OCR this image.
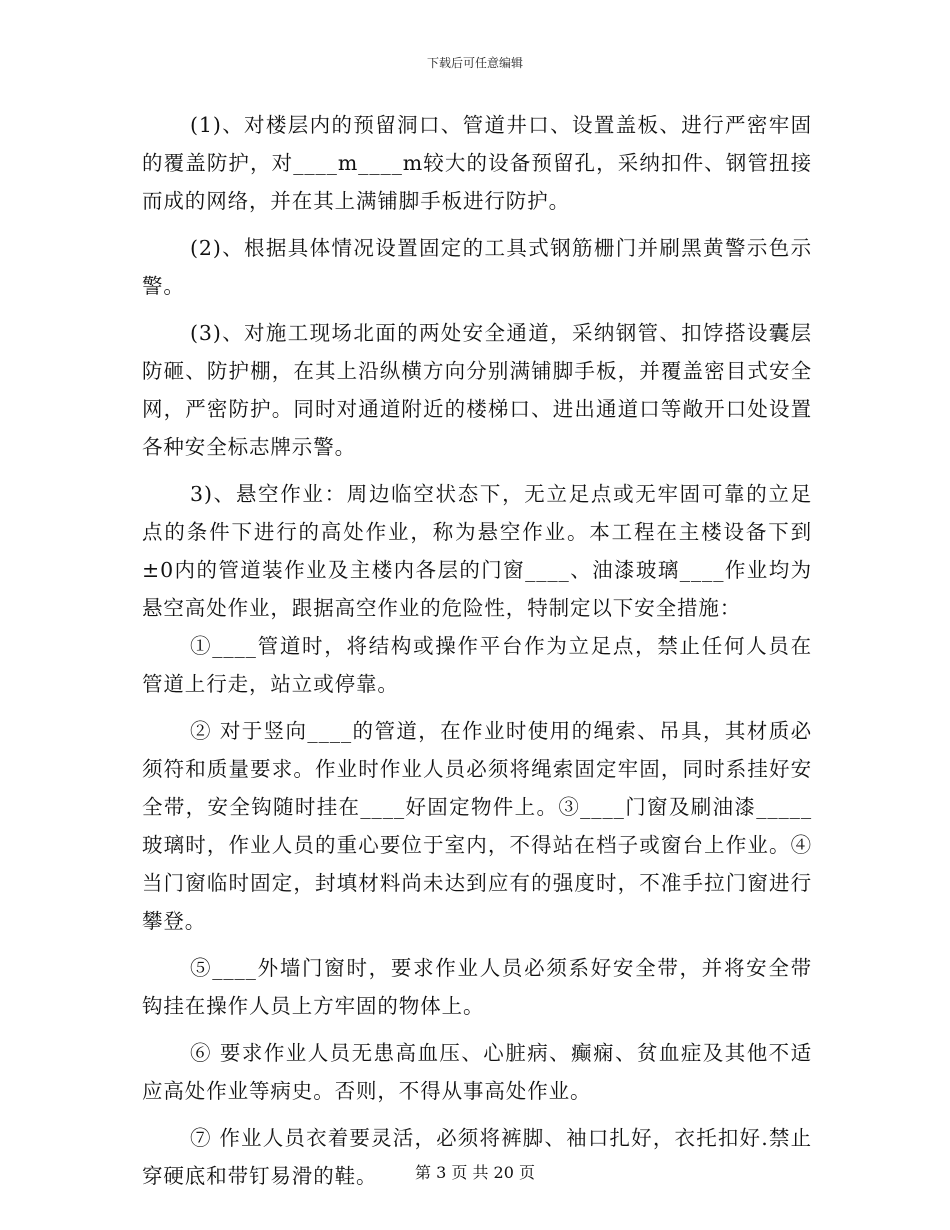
下载后可任意编辑

(1)、对楼层内的预留洞口、管道井口、设置盖板、进行严密牢固的覆盖防护，对____m____m较大的设备预留孔，采纳扣件、钢管扭接而成的网络，并在其上满铺脚手板进行防护。

(2)、根据具体情况设置固定的工具式钢筋栅门并刷黑黄警示色示警。

(3)、对施工现场北面的两处安全通道，采纳钢管、扣饽搭设囊层防砸、防护棚，在其上沿纵横方向分别满铺脚手板，并覆盖密目式安全网，严密防护。同时对通道附近的楼梯口、进出通道口等敞开口处设置各种安全标志牌示警。

3)、悬空作业：周边临空状态下，无立足点或无牢固可靠的立足点的条件下进行的高处作业，称为悬空作业。本工程在主楼设备下到±0内的管道装作业及主楼内各层的门窗____、油漆玻璃____作业均为悬空高处作业，跟据高空作业的危险性，特制定以下安全措施：

①____管道时，将结构或操作平台作为立足点，禁止任何人员在管道上行走，站立或停靠。

② 对于竖向____的管道，在作业时使用的绳索、吊具，其材质必须符和质量要求。作业时作业人员必须将绳索固定牢固，同时系挂好安全带，安全钩随时挂在____好固定物件上。③____门窗及刷油漆_____玻璃时，作业人员的重心要位于室内，不得站在档子或窗台上作业。④当门窗临时固定，封填材料尚未达到应有的强度时，不准手拉门窗进行攀登。

⑤____外墙门窗时，要求作业人员必须系好安全带，并将安全带钩挂在操作人员上方牢固的物体上。

⑥ 要求作业人员无患高血压、心脏病、癫痫、贫血症及其他不适应高处作业等病史。否则，不得从事高处作业。

⑦ 作业人员衣着要灵活，必须将裤脚、袖口扎好，衣托扣好.禁止穿硬底和带钉易滑的鞋。	第 3 页 共 20 页
